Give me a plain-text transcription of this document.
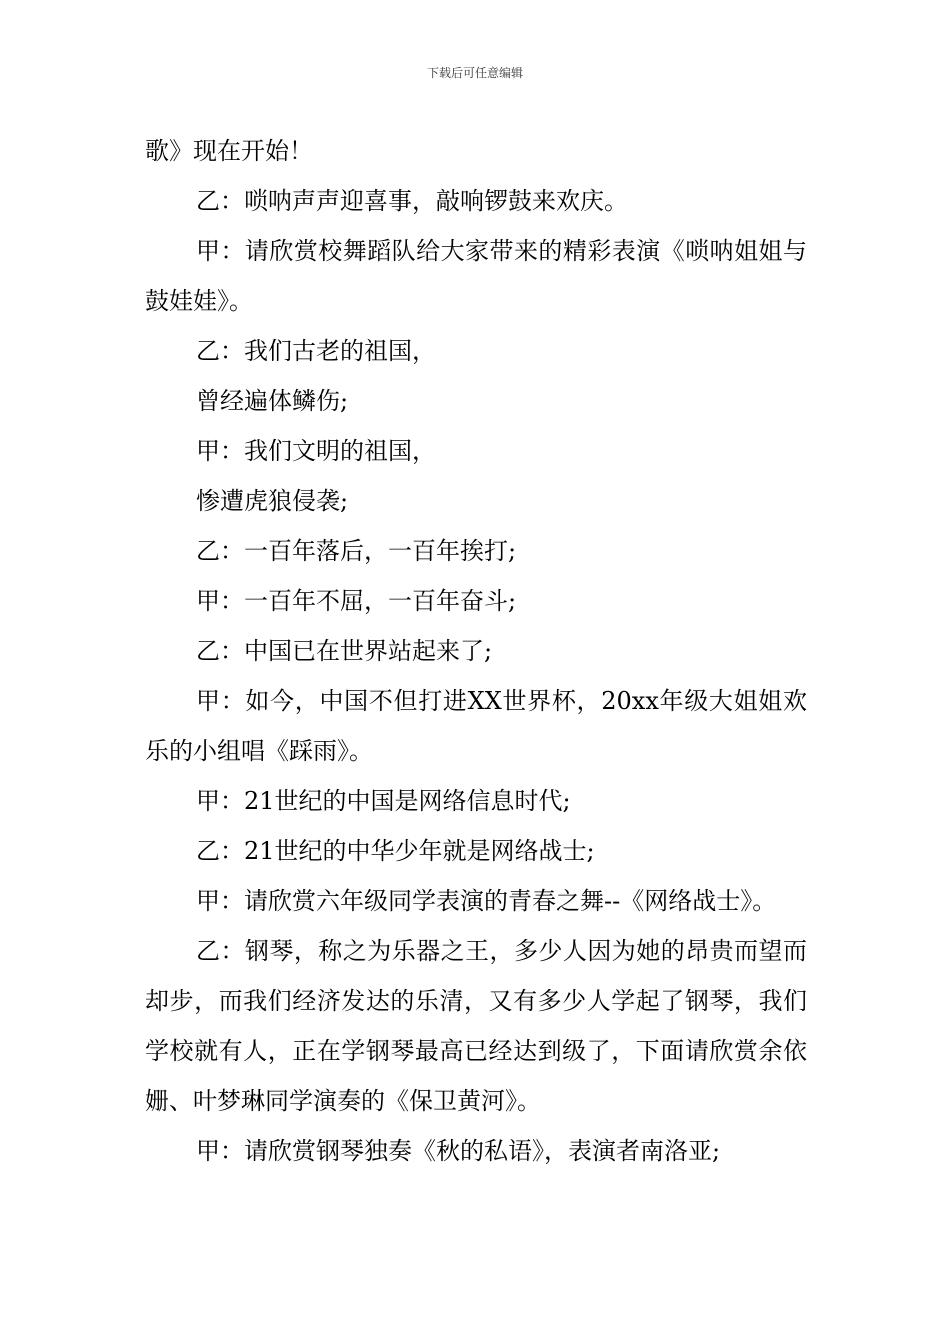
下载后可任意编辑

歌》现在开始！

乙：唢呐声声迎喜事，敲响锣鼓来欢庆。

甲：请欣赏校舞蹈队给大家带来的精彩表演《唢呐姐姐与鼓娃娃》。

乙：我们古老的祖国，

曾经遍体鳞伤;

甲：我们文明的祖国，

惨遭虎狼侵袭;

乙：一百年落后，一百年挨打;

甲：一百年不屈，一百年奋斗;

乙：中国已在世界站起来了;

甲：如今，中国不但打进XX世界杯，20xx年级大姐姐欢乐的小组唱《踩雨》。

甲：21世纪的中国是网络信息时代;

乙：21世纪的中华少年就是网络战士;

甲：请欣赏六年级同学表演的青春之舞--《网络战士》。

乙：钢琴，称之为乐器之王，多少人因为她的昂贵而望而却步，而我们经济发达的乐清，又有多少人学起了钢琴，我们学校就有人，正在学钢琴最高已经达到级了，下面请欣赏余依姗、叶梦琳同学演奏的《保卫黄河》。

甲：请欣赏钢琴独奏《秋的私语》，表演者南洛亚;
